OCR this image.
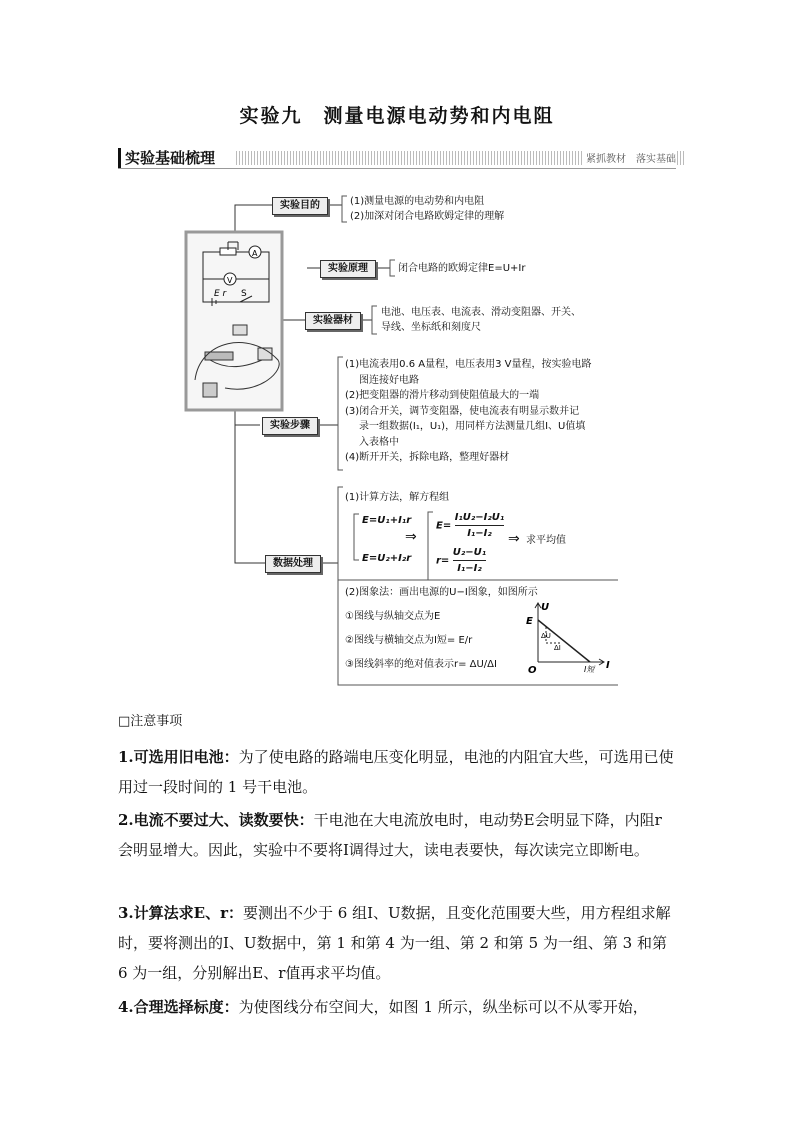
实验九　测量电源电动势和内电阻
实验基础梳理	紧抓教材　落实基础
A
V
E r S
U
E
O	I
I短
ΔU
ΔI
实验目的	(1)测量电源的电动势和内电阻
(2)加深对闭合电路欧姆定律的理解
实验原理	闭合电路的欧姆定律E=U+Ir
实验器材
电池、电压表、电流表、滑动变阻器、开关、
导线、坐标纸和刻度尺
实验步骤
(1)电流表用0.6 A量程，电压表用3 V量程，按实验电路
图连接好电路
(2)把变阻器的滑片移动到使阻值最大的一端
(3)闭合开关，调节变阻器，使电流表有明显示数并记
录一组数据(I₁，U₁)，用同样方法测量几组I、U值填
入表格中
(4)断开开关，拆除电路，整理好器材
数据处理
(1)计算方法，解方程组
E=U₁+I₁r
E=U₂+I₂r
⇒
$E= \frac{\text{I₁U₂−I₂U₁}}{\text{I₁−I₂}}$
$r= \frac{\text{U₂−U₁}}{\text{I₁−I₂}}$
⇒ 求平均值
(2)图象法：画出电源的U−I图象，如图所示
①图线与纵轴交点为E
②图线与横轴交点为I短= E/r
③图线斜率的绝对值表示r= ΔU/ΔI
□注意事项
1.可选用旧电池：为了使电路的路端电压变化明显，电池的内阻宜大些，可选用已使用过一段时间的 1 号干电池。
2.电流不要过大、读数要快：干电池在大电流放电时，电动势E会明显下降，内阻r会明显增大。因此，实验中不要将I调得过大，读电表要快，每次读完立即断电。
3.计算法求E、r：要测出不少于 6 组I、U数据，且变化范围要大些，用方程组求解时，要将测出的I、U数据中，第 1 和第 4 为一组、第 2 和第 5 为一组、第 3 和第 6 为一组，分别解出E、r值再求平均值。
4.合理选择标度：为使图线分布空间大，如图 1 所示，纵坐标可以不从零开始，
